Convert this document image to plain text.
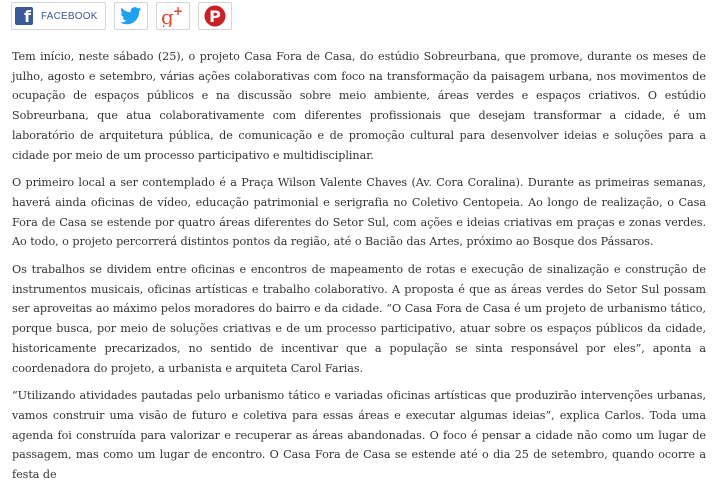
f FACEBOOK	g + P

Tem início, neste sábado (25), o projeto Casa Fora de Casa, do estúdio Sobreurbana, que promove, durante os meses de julho, agosto e setembro, várias ações colaborativas com foco na transformação da paisagem urbana, nos movimentos de ocupação de espaços públicos e na discussão sobre meio ambiente, áreas verdes e espaços criativos. O estúdio Sobreurbana, que atua colaborativamente com diferentes profissionais que desejam transformar a cidade, é um laboratório de arquitetura pública, de comunicação e de promoção cultural para desenvolver ideias e soluções para a cidade por meio de um processo participativo e multidisciplinar.

O primeiro local a ser contemplado é a Praça Wilson Valente Chaves (Av. Cora Coralina). Durante as primeiras semanas, haverá ainda oficinas de vídeo, educação patrimonial e serigrafia no Coletivo Centopeia. Ao longo de realização, o Casa Fora de Casa se estende por quatro áreas diferentes do Setor Sul, com ações e ideias criativas em praças e zonas verdes. Ao todo, o projeto percorrerá distintos pontos da região, até o Bacião das Artes, próximo ao Bosque dos Pássaros.

Os trabalhos se dividem entre oficinas e encontros de mapeamento de rotas e execução de sinalização e construção de instrumentos musicais, oficinas artísticas e trabalho colaborativo. A proposta é que as áreas verdes do Setor Sul possam ser aproveitas ao máximo pelos moradores do bairro e da cidade. “O Casa Fora de Casa é um projeto de urbanismo tático, porque busca, por meio de soluções criativas e de um processo participativo, atuar sobre os espaços públicos da cidade, historicamente precarizados, no sentido de incentivar que a população se sinta responsável por eles”, aponta a coordenadora do projeto, a urbanista e arquiteta Carol Farias.

“Utilizando atividades pautadas pelo urbanismo tático e variadas oficinas artísticas que produzirão intervenções urbanas, vamos construir uma visão de futuro e coletiva para essas áreas e executar algumas ideias”, explica Carlos. Toda uma agenda foi construída para valorizar e recuperar as áreas abandonadas. O foco é pensar a cidade não como um lugar de passagem, mas como um lugar de encontro. O Casa Fora de Casa se estende até o dia 25 de setembro, quando ocorre a festa de
